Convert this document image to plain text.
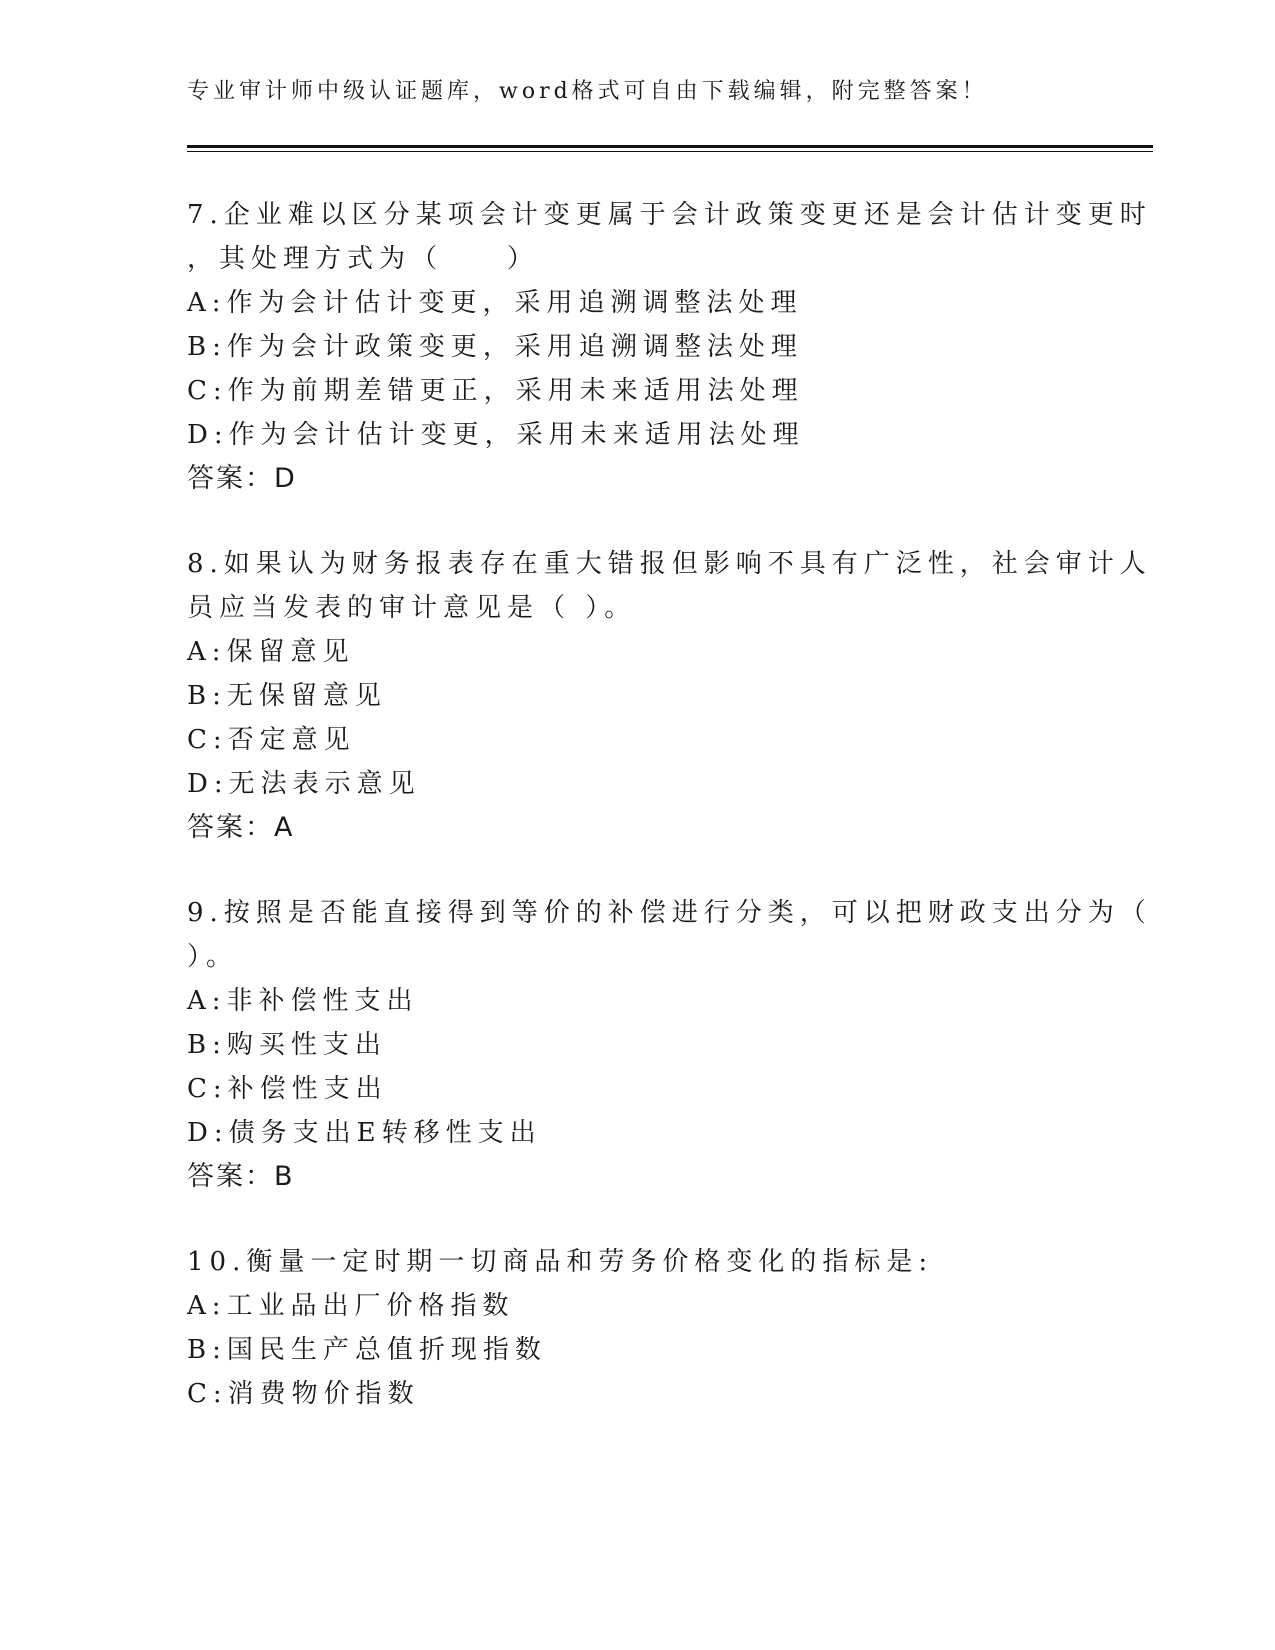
专业审计师中级认证题库，word格式可自由下载编辑，附完整答案！
7.企业难以区分某项会计变更属于会计政策变更还是会计估计变更时
，其处理方式为（　　）
A:作为会计估计变更，采用追溯调整法处理
B:作为会计政策变更，采用追溯调整法处理
C:作为前期差错更正，采用未来适用法处理
D:作为会计估计变更，采用未来适用法处理
答案：D
8.如果认为财务报表存在重大错报但影响不具有广泛性，社会审计人
员应当发表的审计意见是（ ）。
A:保留意见
B:无保留意见
C:否定意见
D:无法表示意见
答案：A
9.按照是否能直接得到等价的补偿进行分类，可以把财政支出分为（
）。
A:非补偿性支出
B:购买性支出
C:补偿性支出
D:债务支出E转移性支出
答案：B
10.衡量一定时期一切商品和劳务价格变化的指标是:
A:工业品出厂价格指数
B:国民生产总值折现指数
C:消费物价指数
